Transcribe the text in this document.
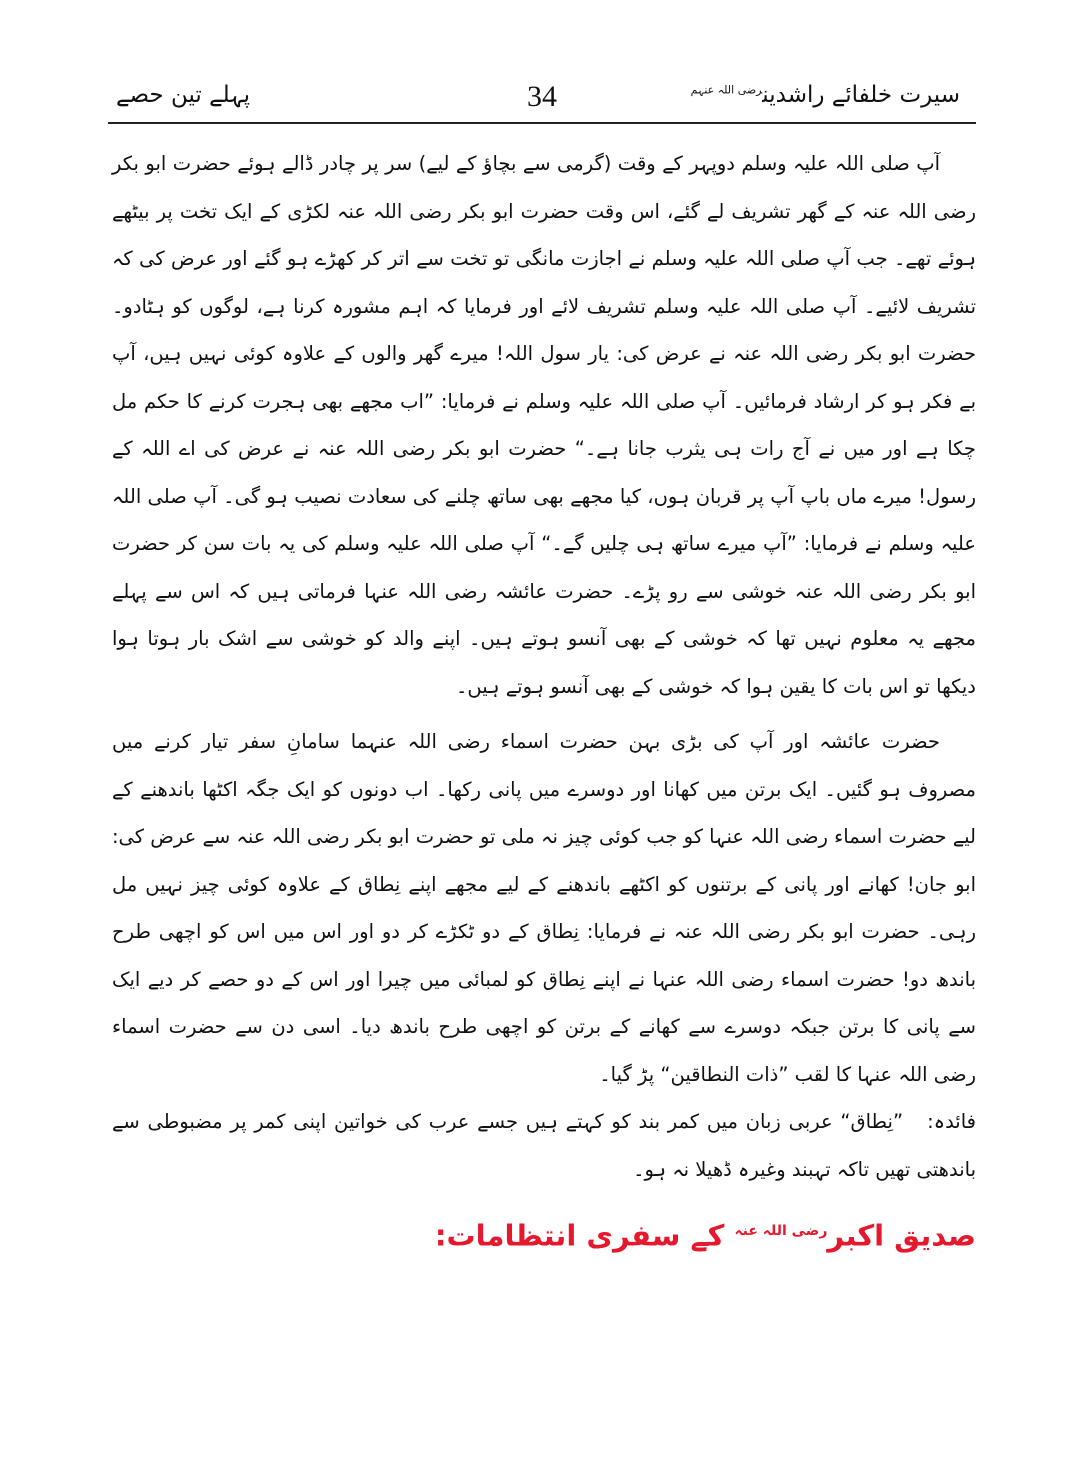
سیرت خلفائے راشدین$^{رضی اللہ عنہم}$
34
پہلے تین حصے

آپ صلی اللہ علیہ وسلم دوپہر کے وقت (گرمی سے بچاؤ کے لیے) سر پر چادر ڈالے ہوئے حضرت ابو بکر رضی اللہ عنہ کے گھر تشریف لے گئے، اس وقت حضرت ابو بکر رضی اللہ عنہ لکڑی کے ایک تخت پر بیٹھے ہوئے تھے۔ جب آپ صلی اللہ علیہ وسلم نے اجازت مانگی تو تخت سے اتر کر کھڑے ہو گئے اور عرض کی کہ تشریف لائیے۔ آپ صلی اللہ علیہ وسلم تشریف لائے اور فرمایا کہ اہم مشورہ کرنا ہے، لوگوں کو ہٹادو۔ حضرت ابو بکر رضی اللہ عنہ نے عرض کی: یار سول اللہ! میرے گھر والوں کے علاوہ کوئی نہیں ہیں، آپ بے فکر ہو کر ارشاد فرمائیں۔ آپ صلی اللہ علیہ وسلم نے فرمایا: ”اب مجھے بھی ہجرت کرنے کا حکم مل چکا ہے اور میں نے آج رات ہی یثرب جانا ہے۔“ حضرت ابو بکر رضی اللہ عنہ نے عرض کی اے اللہ کے رسول! میرے ماں باپ آپ پر قربان ہوں، کیا مجھے بھی ساتھ چلنے کی سعادت نصیب ہو گی۔ آپ صلی اللہ علیہ وسلم نے فرمایا: ”آپ میرے ساتھ ہی چلیں گے۔“ آپ صلی اللہ علیہ وسلم کی یہ بات سن کر حضرت ابو بکر رضی اللہ عنہ خوشی سے رو پڑے۔ حضرت عائشہ رضی اللہ عنہا فرماتی ہیں کہ اس سے پہلے مجھے یہ معلوم نہیں تھا کہ خوشی کے بھی آنسو ہوتے ہیں۔ اپنے والد کو خوشی سے اشک بار ہوتا ہوا دیکھا تو اس بات کا یقین ہوا کہ خوشی کے بھی آنسو ہوتے ہیں۔

حضرت عائشہ اور آپ کی بڑی بہن حضرت اسماء رضی اللہ عنہما سامانِ سفر تیار کرنے میں مصروف ہو گئیں۔ ایک برتن میں کھانا اور دوسرے میں پانی رکھا۔ اب دونوں کو ایک جگہ اکٹھا باندھنے کے لیے حضرت اسماء رضی اللہ عنہا کو جب کوئی چیز نہ ملی تو حضرت ابو بکر رضی اللہ عنہ سے عرض کی: ابو جان! کھانے اور پانی کے برتنوں کو اکٹھے باندھنے کے لیے مجھے اپنے نِطاق کے علاوہ کوئی چیز نہیں مل رہی۔ حضرت ابو بکر رضی اللہ عنہ نے فرمایا: نِطاق کے دو ٹکڑے کر دو اور اس میں اس کو اچھی طرح باندھ دو! حضرت اسماء رضی اللہ عنہا نے اپنے نِطاق کو لمبائی میں چیرا اور اس کے دو حصے کر دیے ایک سے پانی کا برتن جبکہ دوسرے سے کھانے کے برتن کو اچھی طرح باندھ دیا۔ اسی دن سے حضرت اسماء رضی اللہ عنہا کا لقب ”ذات النطاقین“ پڑ گیا۔

فائدہ:”نِطاق“ عربی زبان میں کمر بند کو کہتے ہیں جسے عرب کی خواتین اپنی کمر پر مضبوطی سے باندھتی تھیں تاکہ تہبند وغیرہ ڈھیلا نہ ہو۔

صدیق اکبر$^{رضی اللہ عنہ}$ کے سفری انتظامات:
